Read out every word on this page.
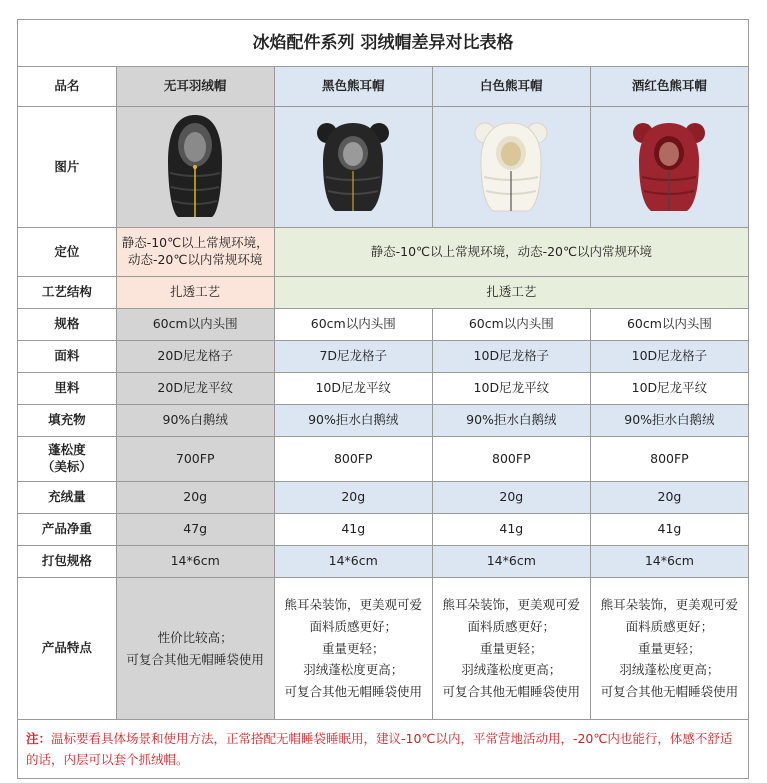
冰焰配件系列 羽绒帽差异对比表格				
品名	无耳羽绒帽	黑色熊耳帽	白色熊耳帽	酒红色熊耳帽
图片	

定位	静态-10℃以上常规环境，
动态-20℃以内常规环境	静态-10℃以上常规环境，动态-20℃以内常规环境		
工艺结构	扎透工艺	扎透工艺		
规格	60cm以内头围	60cm以内头围	60cm以内头围	60cm以内头围
面料	20D尼龙格子	7D尼龙格子	10D尼龙格子	10D尼龙格子
里料	20D尼龙平纹	10D尼龙平纹	10D尼龙平纹	10D尼龙平纹
填充物	90%白鹅绒	90%拒水白鹅绒	90%拒水白鹅绒	90%拒水白鹅绒

蓬松度
（美标）	700FP	800FP	800FP	800FP
充绒量	20g	20g	20g	20g
产品净重	47g	41g	41g	41g
打包规格	14*6cm	14*6cm	14*6cm	14*6cm
产品特点	性价比较高；
可复合其他无帽睡袋使用	熊耳朵装饰，更美观可爱
面料质感更好；
重量更轻；
羽绒蓬松度更高；
可复合其他无帽睡袋使用	熊耳朵装饰，更美观可爱
面料质感更好；
重量更轻；
羽绒蓬松度更高；
可复合其他无帽睡袋使用	熊耳朵装饰，更美观可爱
面料质感更好；
重量更轻；
羽绒蓬松度更高；
可复合其他无帽睡袋使用

注：温标要看具体场景和使用方法，正常搭配无帽睡袋睡眠用，建议-10℃以内，平常营地活动用，-20℃内也能行，体感不舒适的话，内层可以套个抓绒帽。				
